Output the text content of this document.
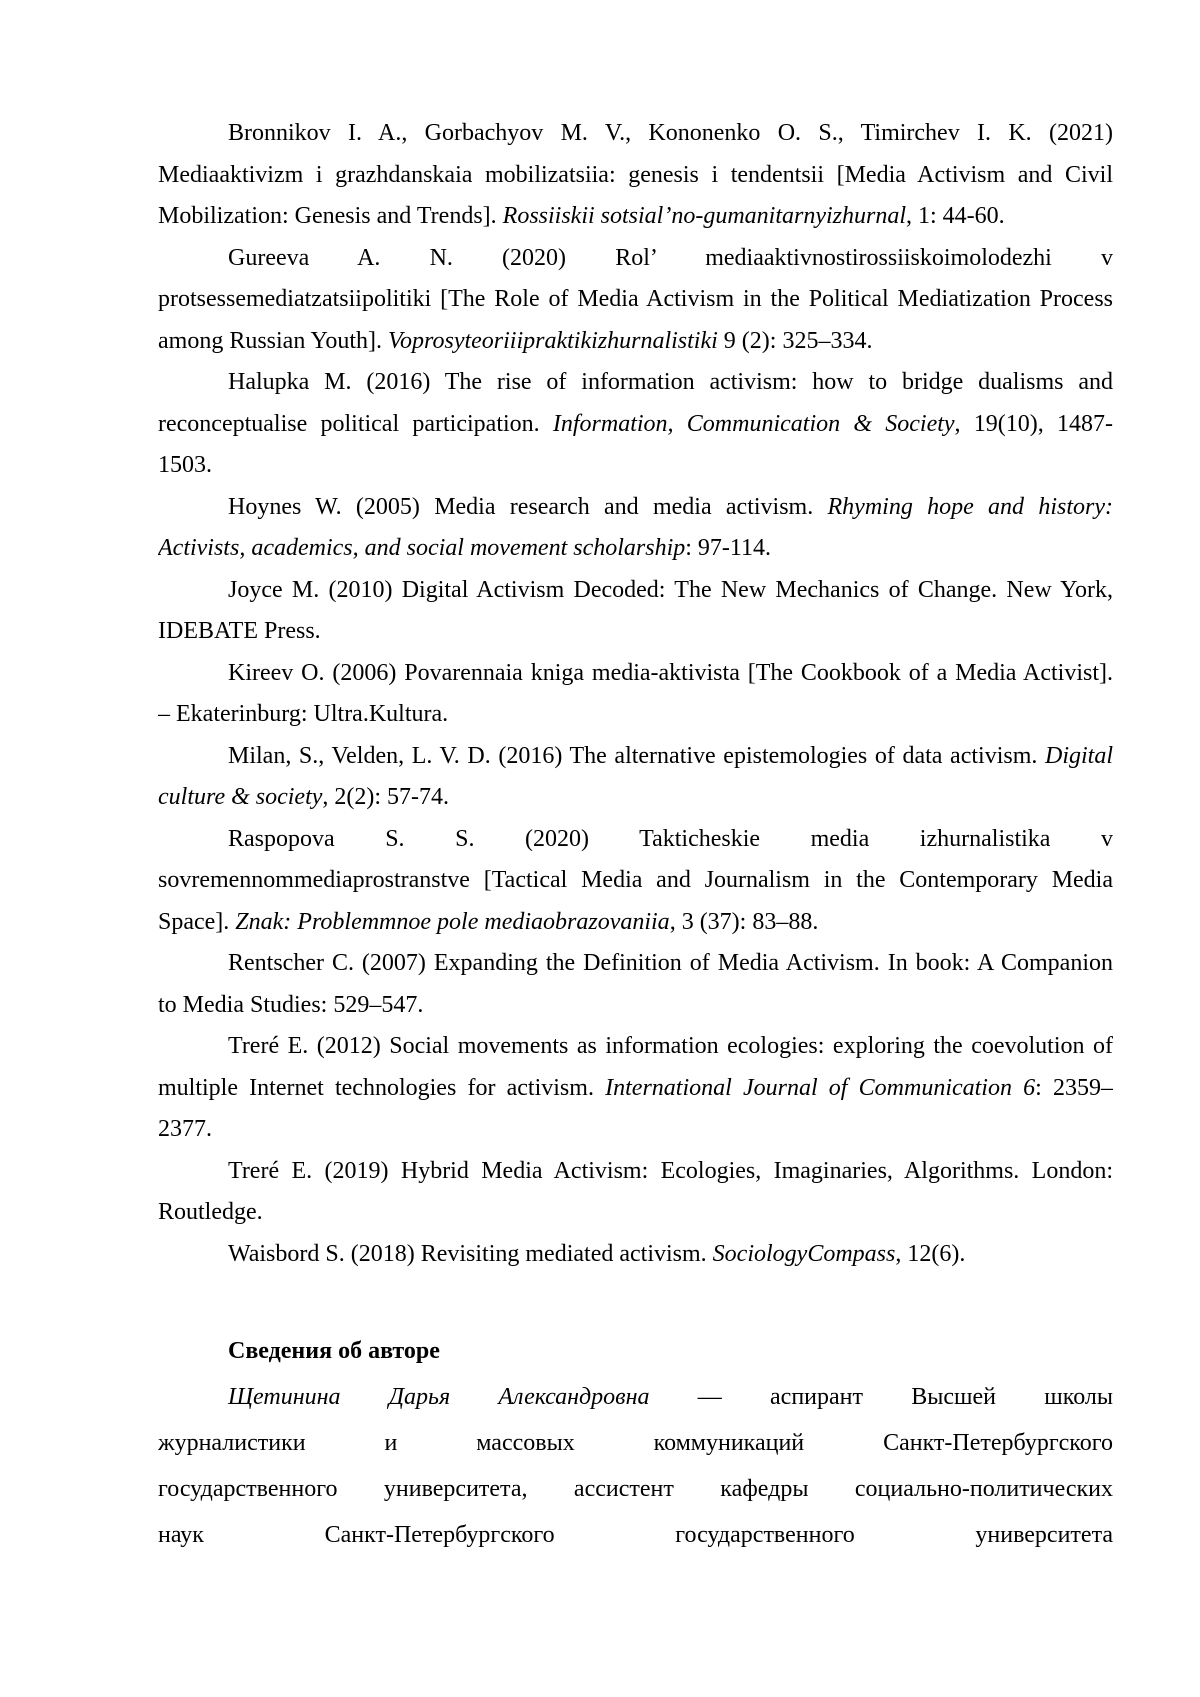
Bronnikov I. A., Gorbachyov M. V., Kononenko O. S., Timirchev I. K. (2021)
Mediaaktivizm i grazhdanskaia mobilizatsiia: genesis i tendentsii [Media Activism and Civil
Mobilization: Genesis and Trends]. Rossiiskii sotsial’no-gumanitarnyizhurnal, 1: 44-60.
Gureeva A. N. (2020) Rol’ mediaaktivnostirossiiskoimolodezhi v
protsessemediatzatsiipolitiki [The Role of Media Activism in the Political Mediatization Process
among Russian Youth]. Voprosyteoriiipraktikizhurnalistiki 9 (2): 325–334.
Halupka M. (2016) The rise of information activism: how to bridge dualisms and
reconceptualise political participation. Information, Communication & Society, 19(10), 1487-
1503.
Hoynes W. (2005) Media research and media activism. Rhyming hope and history:
Activists, academics, and social movement scholarship: 97-114.
Joyce M. (2010) Digital Activism Decoded: The New Mechanics of Change. New York,
IDEBATE Press.
Kireev O. (2006) Povarennaia kniga media-aktivista [The Cookbook of a Media Activist].
– Ekaterinburg: Ultra.Kultura.
Milan, S., Velden, L. V. D. (2016) The alternative epistemologies of data activism. Digital
culture & society, 2(2): 57-74.
Raspopova S. S. (2020) Takticheskie media izhurnalistika v
sovremennommediaprostranstve [Tactical Media and Journalism in the Contemporary Media
Space]. Znak: Problemmnoe pole mediaobrazovaniia, 3 (37): 83–88.
Rentscher C. (2007) Expanding the Definition of Media Activism. In book: A Companion
to Media Studies: 529–547.
Treré E. (2012) Social movements as information ecologies: exploring the coevolution of
multiple Internet technologies for activism. International Journal of Communication 6: 2359–
2377.
Treré E. (2019) Hybrid Media Activism: Ecologies, Imaginaries, Algorithms. London:
Routledge.
Waisbord S. (2018) Revisiting mediated activism. SociologyCompass, 12(6).
Сведения об авторе
Щетинина Дарья Александровна — аспирант Высшей школы
журналистики и массовых коммуникаций Санкт-Петербургского
государственного университета, ассистент кафедры социально-политических
наук Санкт-Петербургского государственного университета
